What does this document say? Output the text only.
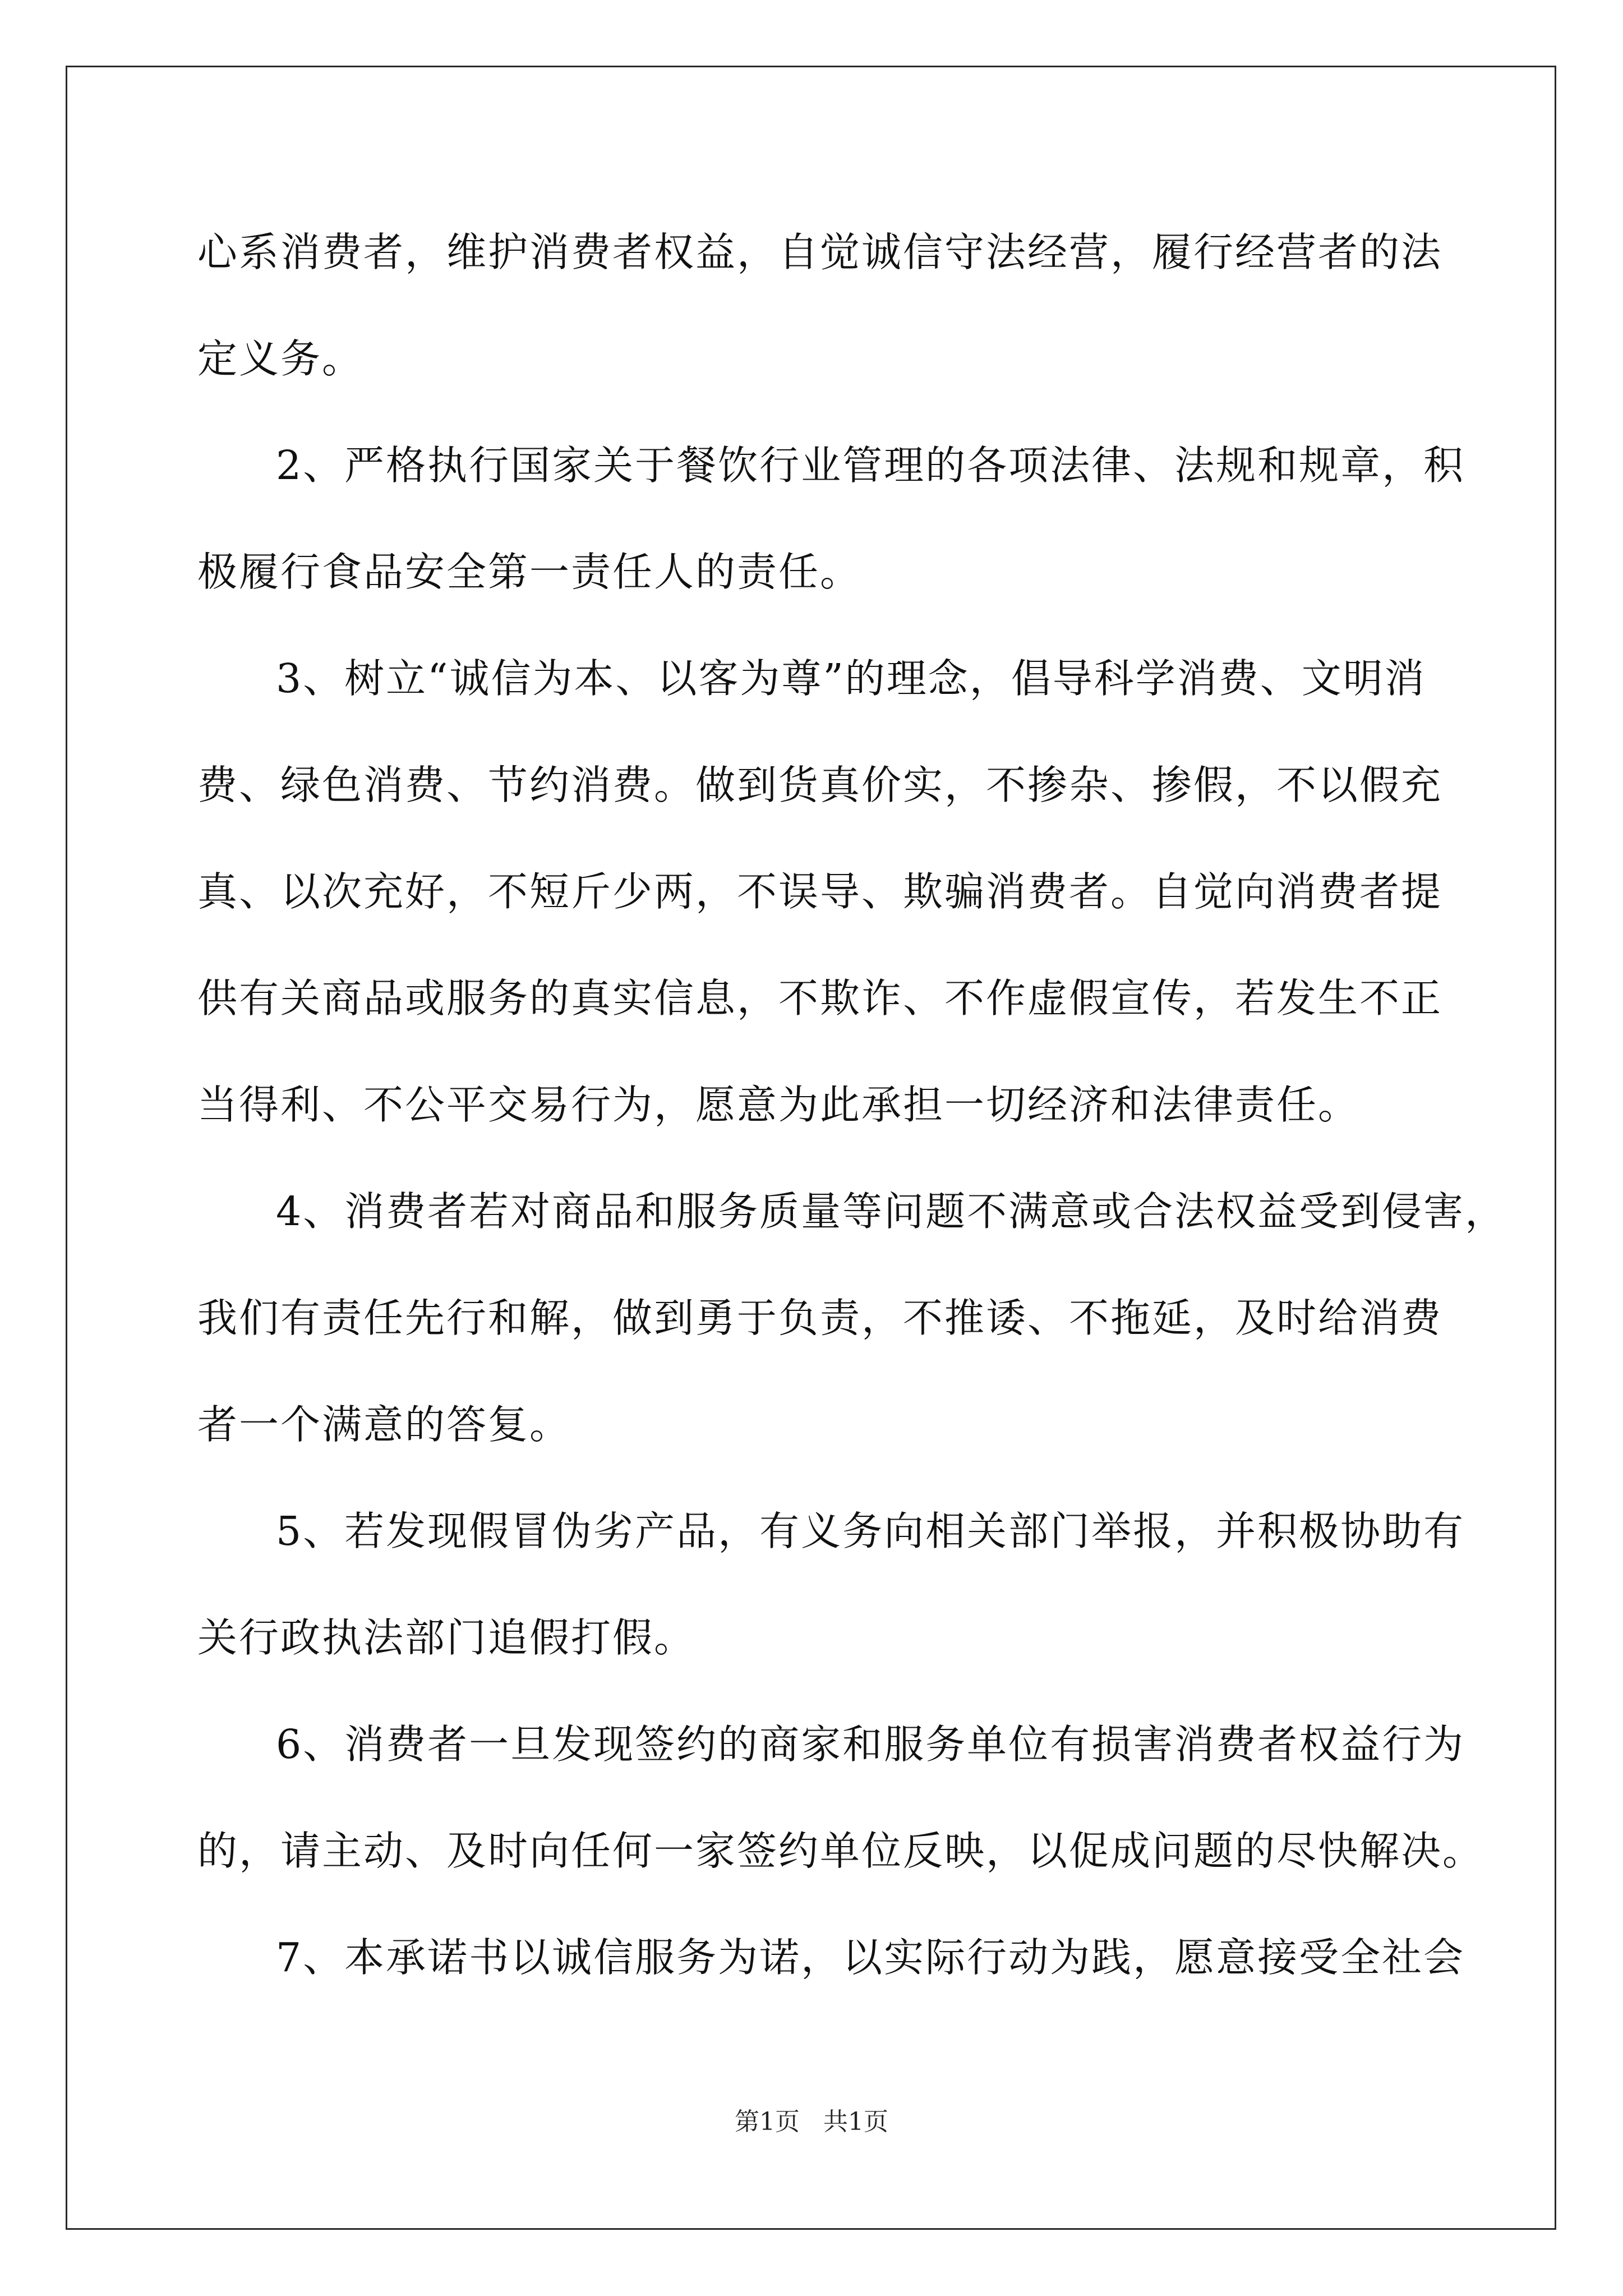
心系消费者，维护消费者权益，自觉诚信守法经营，履行经营者的法
定义务。
2、严格执行国家关于餐饮行业管理的各项法律、法规和规章，积
极履行食品安全第一责任人的责任。
3、树立“诚信为本、以客为尊”的理念，倡导科学消费、文明消
费、绿色消费、节约消费。做到货真价实，不掺杂、掺假，不以假充
真、以次充好，不短斤少两，不误导、欺骗消费者。自觉向消费者提
供有关商品或服务的真实信息，不欺诈、不作虚假宣传，若发生不正
当得利、不公平交易行为，愿意为此承担一切经济和法律责任。
4、消费者若对商品和服务质量等问题不满意或合法权益受到侵害，
我们有责任先行和解，做到勇于负责，不推诿、不拖延，及时给消费
者一个满意的答复。
5、若发现假冒伪劣产品，有义务向相关部门举报，并积极协助有
关行政执法部门追假打假。
6、消费者一旦发现签约的商家和服务单位有损害消费者权益行为
的，请主动、及时向任何一家签约单位反映，以促成问题的尽快解决。
7、本承诺书以诚信服务为诺，以实际行动为践，愿意接受全社会
第1页   共1页
